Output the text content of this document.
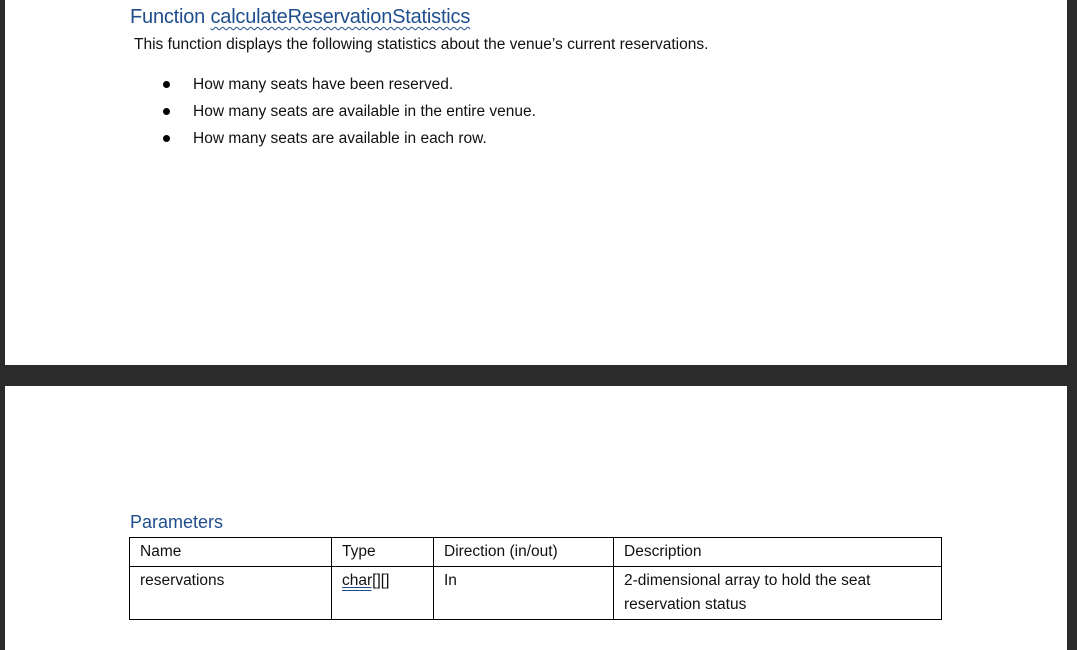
Function calculateReservationStatistics
This function displays the following statistics about the venue’s current reservations.
How many seats have been reserved.
How many seats are available in the entire venue.
How many seats are available in each row.
Parameters
Name	Type	Direction (in/out)	Description
reservations	char[][]	In	2-dimensional array to hold the seat reservation status
